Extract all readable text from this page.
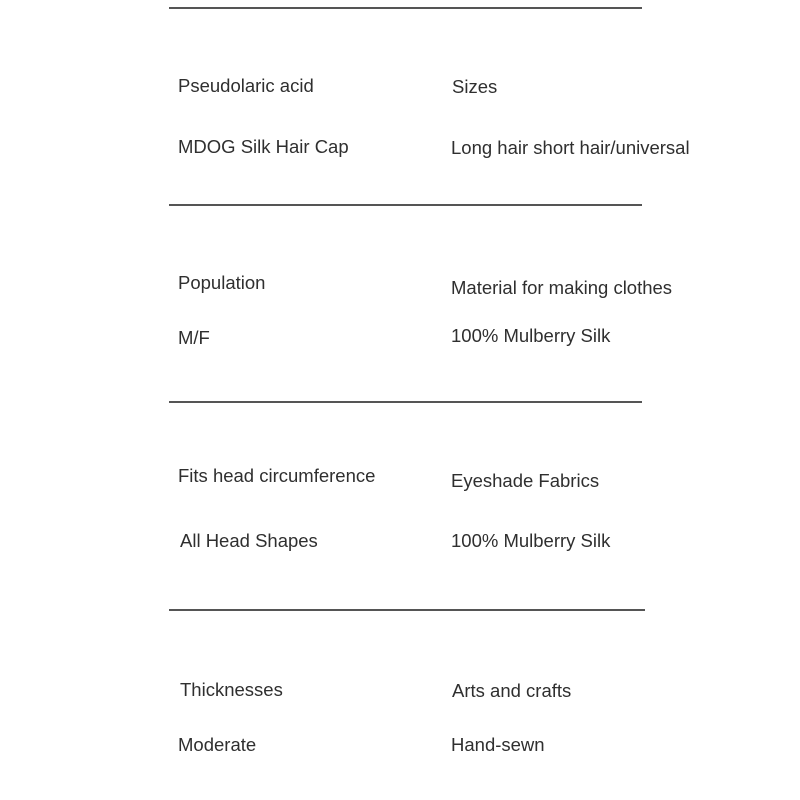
Pseudolaric acid	Sizes
MDOG Silk Hair Cap	Long hair short hair/universal
Population	Material for making clothes
M/F	100% Mulberry Silk
Fits head circumference	Eyeshade Fabrics
All Head Shapes	100% Mulberry Silk
Thicknesses	Arts and crafts
Moderate	Hand-sewn
